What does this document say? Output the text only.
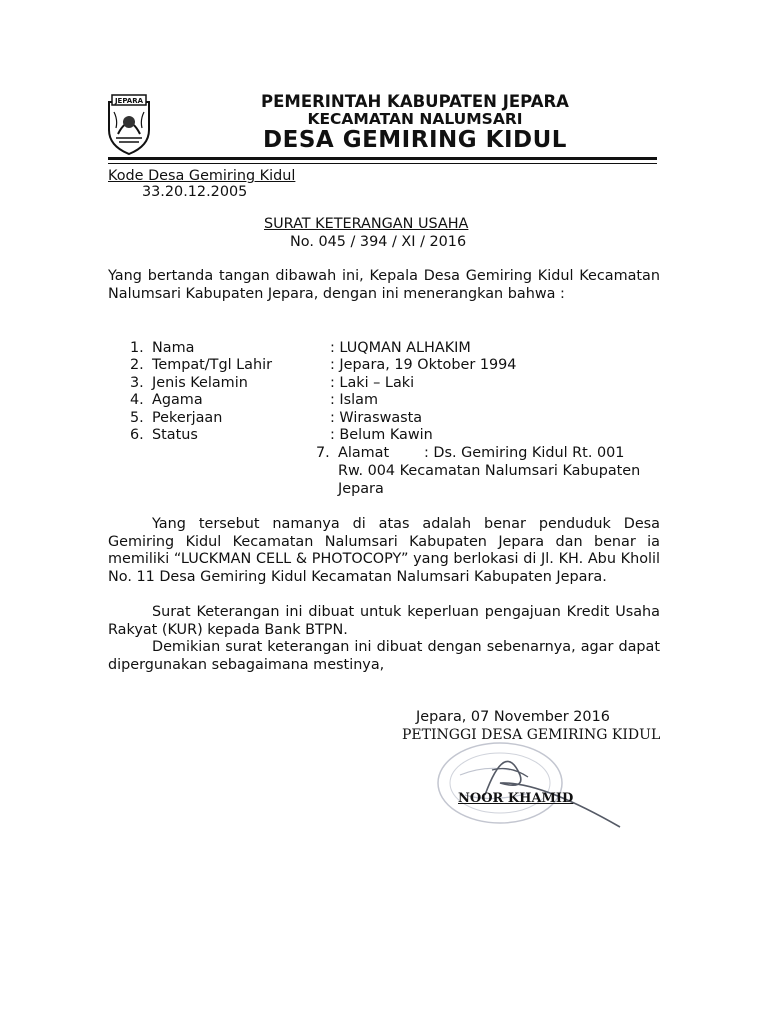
JEPARA	PEMERINTAH KABUPATEN JEPARA
KECAMATAN NALUMSARI
DESA GEMIRING KIDUL
Kode Desa Gemiring Kidul
33.20.12.2005
SURAT KETERANGAN USAHA
No. 045 / 394 / XI / 2016
Yang bertanda tangan dibawah ini, Kepala Desa Gemiring Kidul Kecamatan Nalumsari Kabupaten Jepara, dengan ini menerangkan bahwa :
1. Nama	: LUQMAN ALHAKIM
2. Tempat/Tgl Lahir	: Jepara, 19 Oktober 1994
3. Jenis Kelamin	: Laki – Laki
4. Agama	: Islam
5. Pekerjaan	: Wiraswasta
6. Status	: Belum Kawin
7. Alamat : Ds. Gemiring Kidul Rt. 001
Rw. 004 Kecamatan Nalumsari Kabupaten
Jepara
Yang tersebut namanya di atas adalah benar penduduk Desa Gemiring Kidul Kecamatan Nalumsari Kabupaten Jepara dan benar ia memiliki “LUCKMAN CELL & PHOTOCOPY” yang berlokasi di Jl. KH. Abu Kholil No. 11 Desa Gemiring Kidul Kecamatan Nalumsari Kabupaten Jepara.
Surat Keterangan ini dibuat untuk keperluan pengajuan Kredit Usaha Rakyat (KUR) kepada Bank BTPN.
Demikian surat keterangan ini dibuat dengan sebenarnya, agar dapat dipergunakan sebagaimana mestinya,
Jepara, 07 November 2016
PETINGGI DESA GEMIRING KIDUL
NOOR KHAMID
